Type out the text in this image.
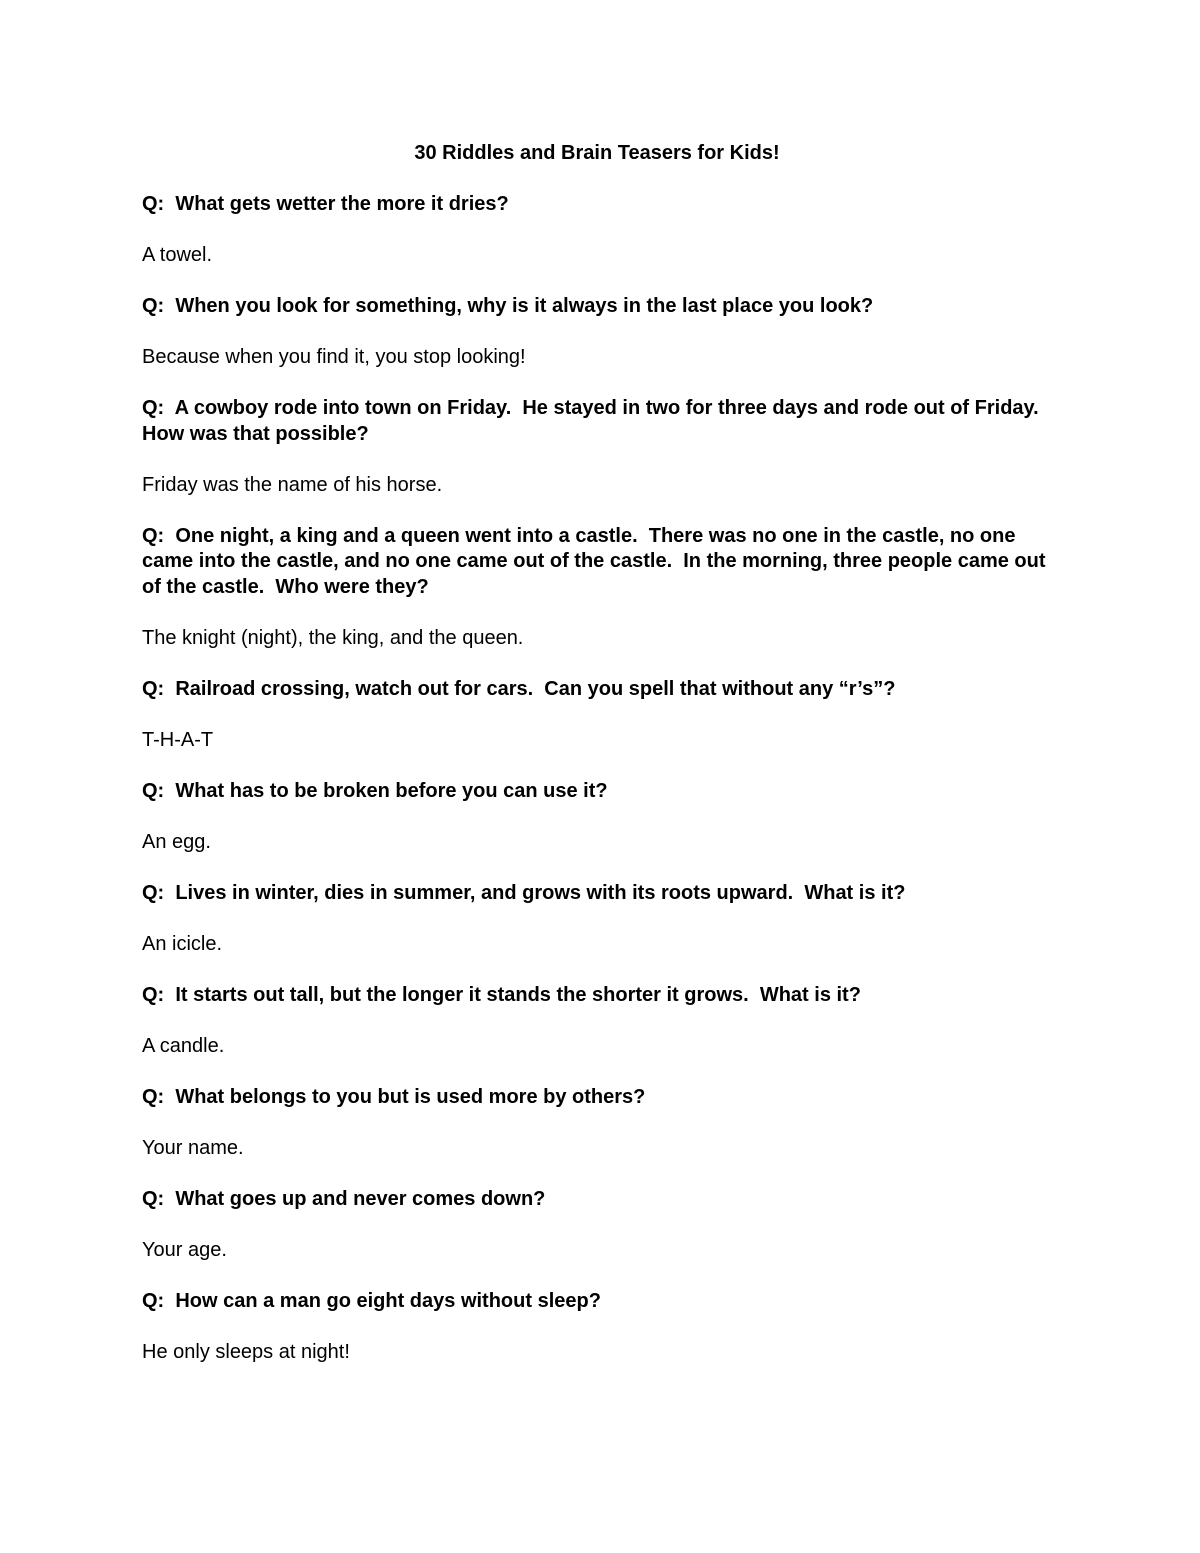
30 Riddles and Brain Teasers for Kids!

Q:  What gets wetter the more it dries?

A towel.

Q:  When you look for something, why is it always in the last place you look?

Because when you find it, you stop looking!

Q:  A cowboy rode into town on Friday.  He stayed in two for three days and rode out of Friday.  How was that possible?

Friday was the name of his horse.

Q:  One night, a king and a queen went into a castle.  There was no one in the castle, no one came into the castle, and no one came out of the castle.  In the morning, three people came out of the castle.  Who were they?

The knight (night), the king, and the queen.

Q:  Railroad crossing, watch out for cars.  Can you spell that without any “r’s”?

T-H-A-T

Q:  What has to be broken before you can use it?

An egg.

Q:  Lives in winter, dies in summer, and grows with its roots upward.  What is it?

An icicle.

Q:  It starts out tall, but the longer it stands the shorter it grows.  What is it?

A candle.

Q:  What belongs to you but is used more by others?

Your name.

Q:  What goes up and never comes down?

Your age.

Q:  How can a man go eight days without sleep?

He only sleeps at night!
